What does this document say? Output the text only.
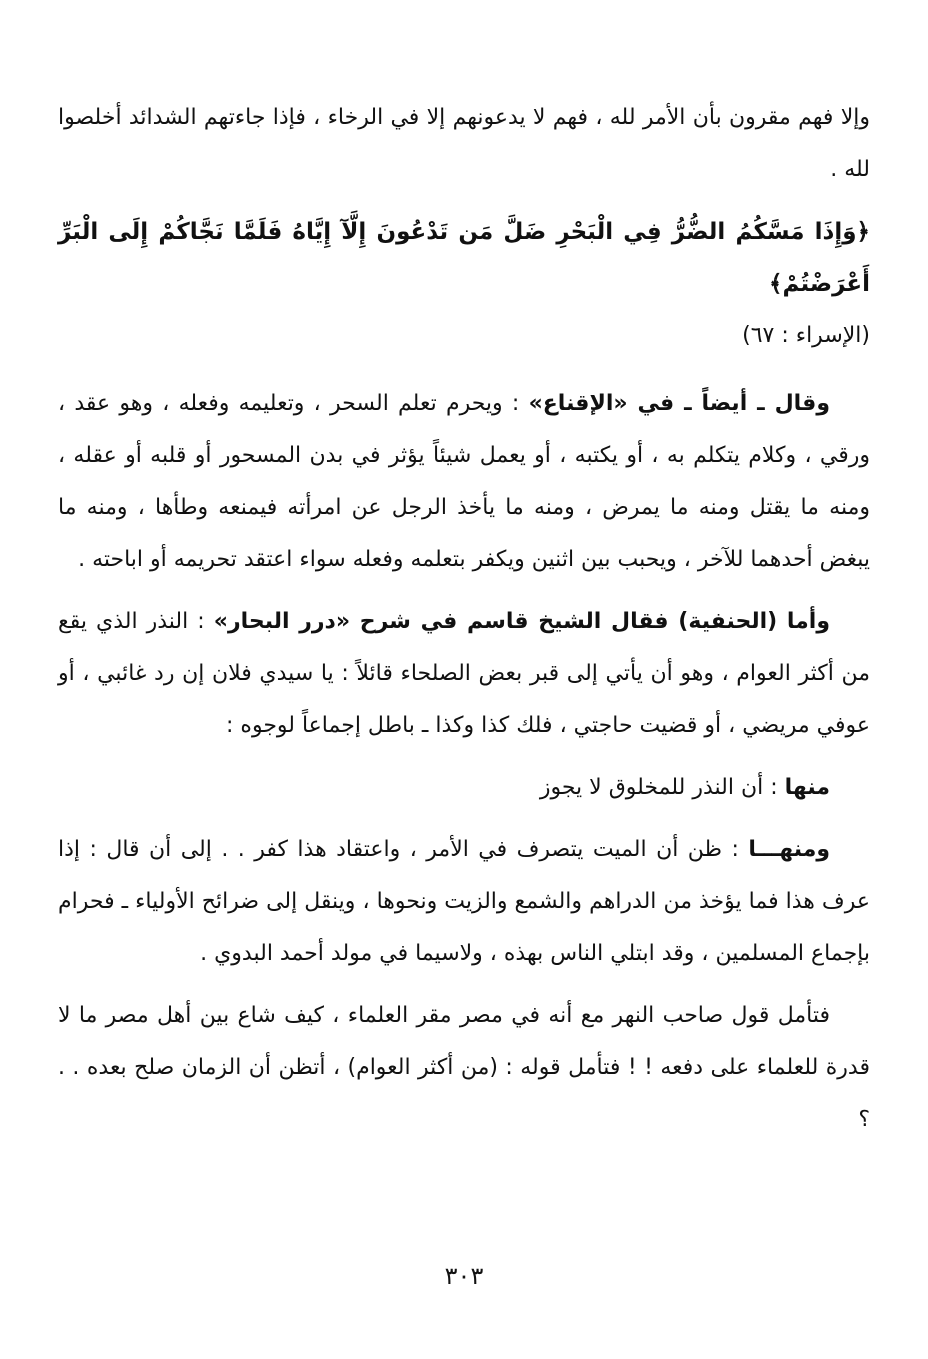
وإلا فهم مقرون بأن الأمر لله ، فهم لا يدعونهم إلا في الرخاء ، فإذا جاءتهم الشدائد أخلصوا لله .

﴿وَإِذَا مَسَّكُمُ الضُّرُّ فِي الْبَحْرِ ضَلَّ مَن تَدْعُونَ إِلَّآ إِيَّاهُ فَلَمَّا نَجَّاكُمْ إِلَى الْبَرِّ أَعْرَضْتُمْ﴾

(الإسراء : ٦٧)

وقال ـ أيضاً ـ في «الإقناع» : ويحرم تعلم السحر ، وتعليمه وفعله ، وهو عقد ، ورقي ، وكلام يتكلم به ، أو يكتبه ، أو يعمل شيئاً يؤثر في بدن المسحور أو قلبه أو عقله ، ومنه ما يقتل ومنه ما يمرض ، ومنه ما يأخذ الرجل عن امرأته فيمنعه وطأها ، ومنه ما يبغض أحدهما للآخر ، ويحبب بين اثنين ويكفر بتعلمه وفعله سواء اعتقد تحريمه أو اباحته .

وأما (الحنفية) فقال الشيخ قاسم في شرح «درر البحار» : النذر الذي يقع من أكثر العوام ، وهو أن يأتي إلى قبر بعض الصلحاء قائلاً : يا سيدي فلان إن رد غائبي ، أو عوفي مريضي ، أو قضيت حاجتي ، فلك كذا وكذا ـ باطل إجماعاً لوجوه :

منها : أن النذر للمخلوق لا يجوز

ومنهـــا : ظن أن الميت يتصرف في الأمر ، واعتقاد هذا كفر . . إلى أن قال : إذا عرف هذا فما يؤخذ من الدراهم والشمع والزيت ونحوها ، وينقل إلى ضرائح الأولياء ـ فحرام بإجماع المسلمين ، وقد ابتلي الناس بهذه ، ولاسيما في مولد أحمد البدوي .

فتأمل قول صاحب النهر مع أنه في مصر مقر العلماء ، كيف شاع بين أهل مصر ما لا قدرة للعلماء على دفعه ! ! فتأمل قوله : (من أكثر العوام) ، أتظن أن الزمان صلح بعده . . ؟

٣٠٣
